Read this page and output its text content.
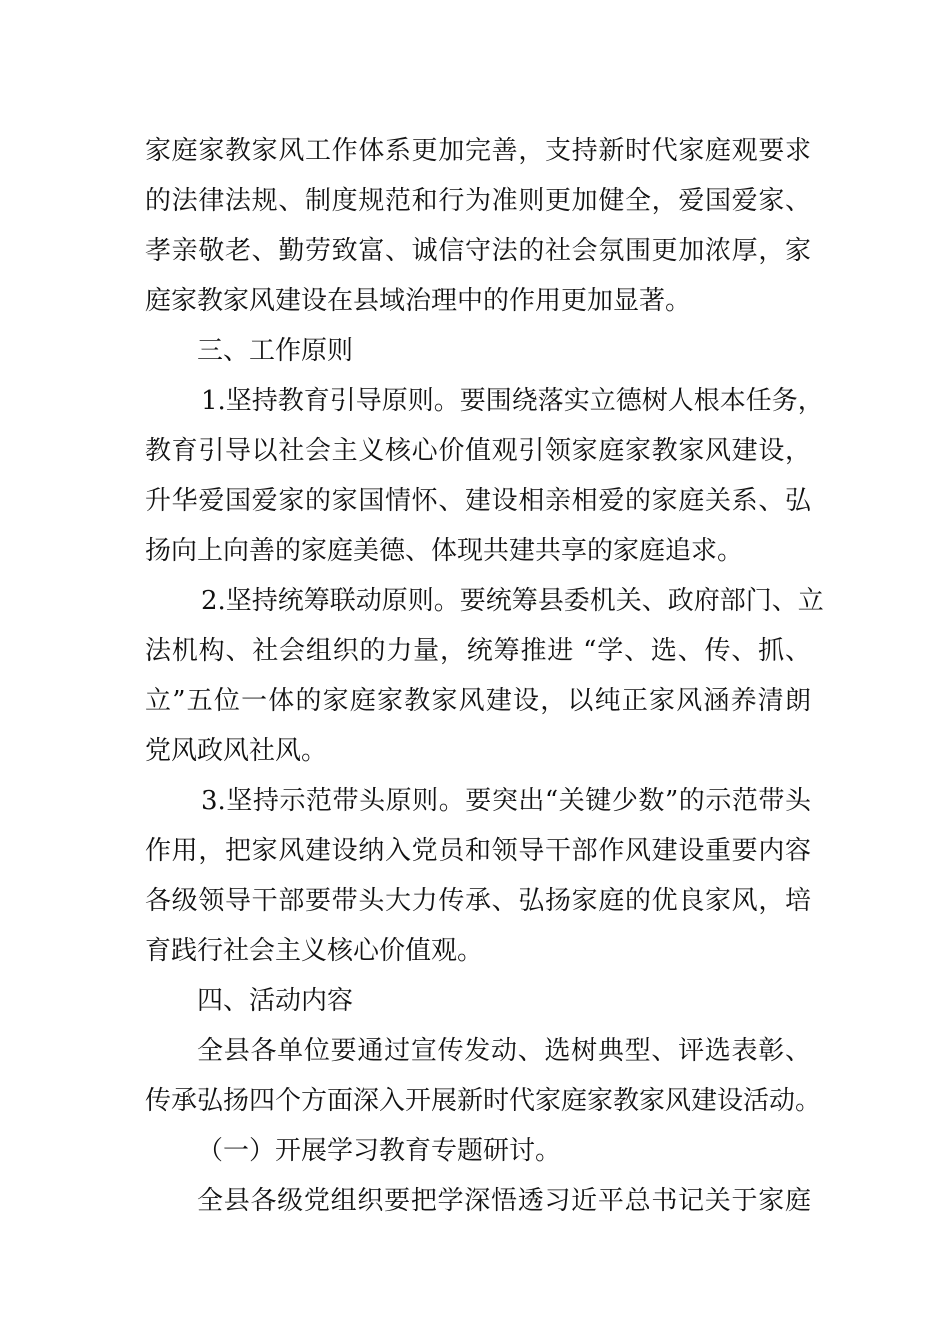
家庭家教家风工作体系更加完善，支持新时代家庭观要求
的法律法规、制度规范和行为准则更加健全，爱国爱家、
孝亲敬老、勤劳致富、诚信守法的社会氛围更加浓厚，家
庭家教家风建设在县域治理中的作用更加显著。
三、工作原则
1.坚持教育引导原则。要围绕落实立德树人根本任务，
教育引导以社会主义核心价值观引领家庭家教家风建设，
升华爱国爱家的家国情怀、建设相亲相爱的家庭关系、弘
扬向上向善的家庭美德、体现共建共享的家庭追求。
2.坚持统筹联动原则。要统筹县委机关、政府部门、立
法机构、社会组织的力量，统筹推进 “学、选、传、抓、
立”五位一体的家庭家教家风建设，以纯正家风涵养清朗
党风政风社风。
3.坚持示范带头原则。要突出“关键少数”的示范带头
作用，把家风建设纳入党员和领导干部作风建设重要内容
各级领导干部要带头大力传承、弘扬家庭的优良家风，培
育践行社会主义核心价值观。
四、活动内容
全县各单位要通过宣传发动、选树典型、评选表彰、
传承弘扬四个方面深入开展新时代家庭家教家风建设活动。
（一）开展学习教育专题研讨。
全县各级党组织要把学深悟透习近平总书记关于家庭
